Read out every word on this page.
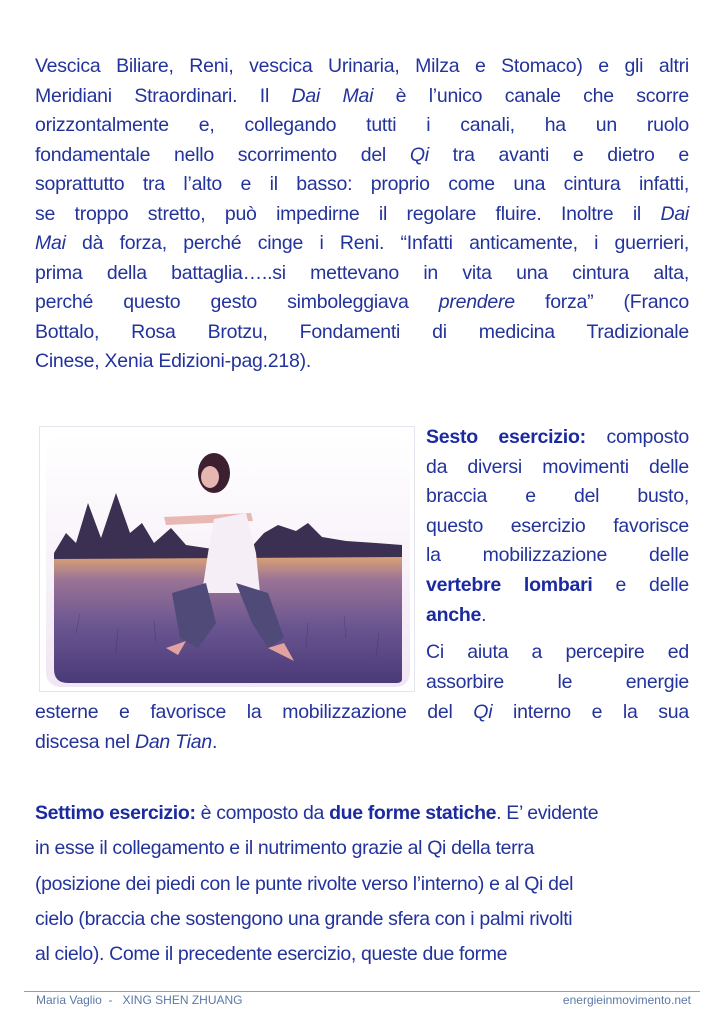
Vescica Biliare, Reni, vescica Urinaria, Milza e Stomaco) e gli altri
Meridiani Straordinari. Il Dai Mai è l’unico canale che scorre
orizzontalmente e, collegando tutti i canali, ha un ruolo
fondamentale nello scorrimento del Qi tra avanti e dietro e
soprattutto tra l’alto e il basso: proprio come una cintura infatti,
se troppo stretto, può impedirne il regolare fluire. Inoltre il Dai
Mai dà forza, perché cinge i Reni. “Infatti anticamente, i guerrieri,
prima della battaglia…..si mettevano in vita una cintura alta,
perché questo gesto simboleggiava prendere forza” (Franco
Bottalo, Rosa Brotzu, Fondamenti di medicina Tradizionale
Cinese, Xenia Edizioni-pag.218).
Sesto esercizio: composto
da diversi movimenti delle
braccia e del busto,
questo esercizio favorisce
la mobilizzazione delle
vertebre lombari e delle
anche.
Ci aiuta a percepire ed
assorbire le energie
esterne e favorisce la mobilizzazione del Qi interno e la sua
discesa nel Dan Tian.
Settimo esercizio: è composto da due forme statiche. E’ evidente
in esse il collegamento e il nutrimento grazie al Qi della terra
(posizione dei piedi con le punte rivolte verso l’interno) e al Qi del
cielo (braccia che sostengono una grande sfera con i palmi rivolti
al cielo). Come il precedente esercizio, queste due forme
Maria Vaglio  -   XING SHEN ZHUANG	energieinmovimento.net
